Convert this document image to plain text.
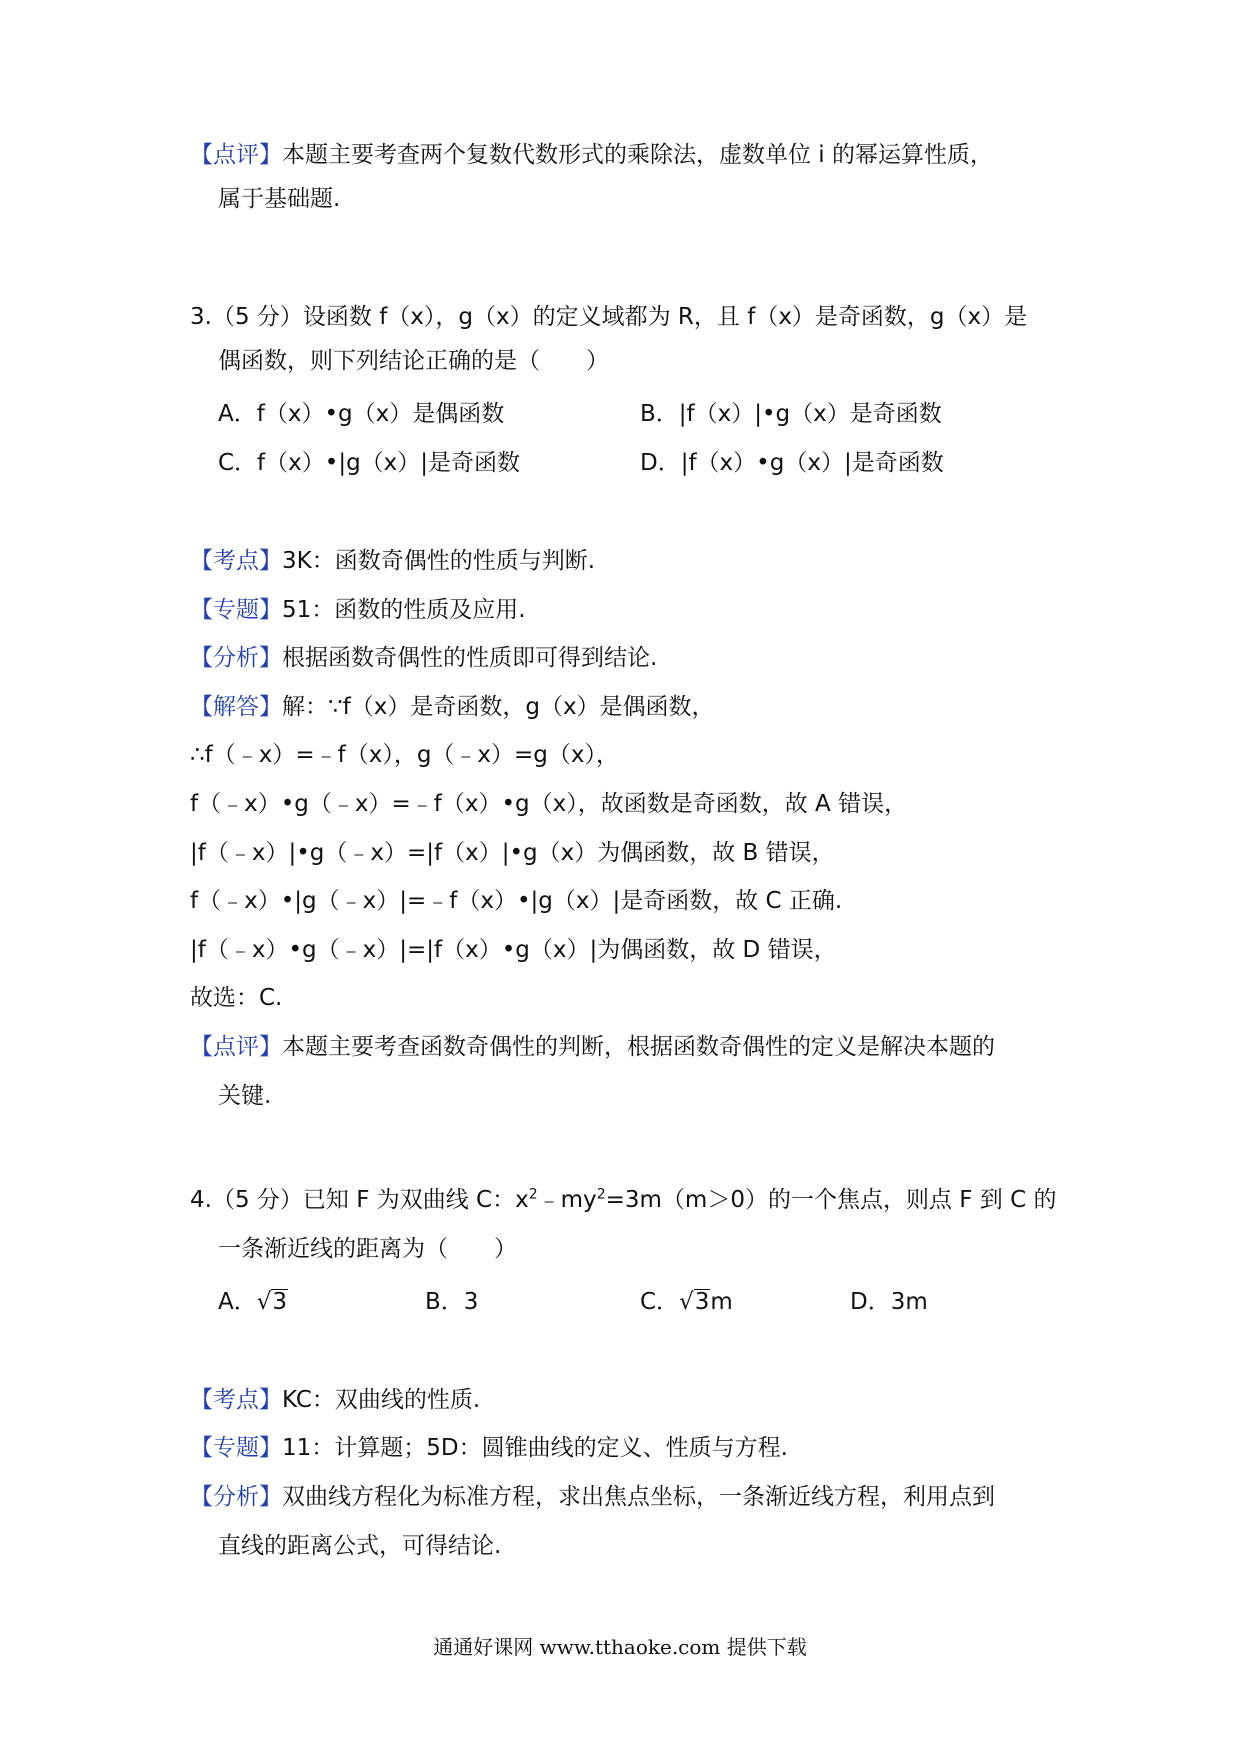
【点评】本题主要考查两个复数代数形式的乘除法，虚数单位 i 的幂运算性质，
属于基础题.
3.（5 分）设函数 f（x），g（x）的定义域都为 R，且 f（x）是奇函数，g（x）是
偶函数，则下列结论正确的是（　　）
A．f（x）•g（x）是偶函数	B．|f（x）|•g（x）是奇函数
C．f（x）•|g（x）|是奇函数	D．|f（x）•g（x）|是奇函数
【考点】3K：函数奇偶性的性质与判断.
【专题】51：函数的性质及应用.
【分析】根据函数奇偶性的性质即可得到结论.
【解答】解：∵f（x）是奇函数，g（x）是偶函数，
∴f（﹣x）=﹣f（x），g（﹣x）=g（x），
f（﹣x）•g（﹣x）=﹣f（x）•g（x），故函数是奇函数，故 A 错误，
|f（﹣x）|•g（﹣x）=|f（x）|•g（x）为偶函数，故 B 错误，
f（﹣x）•|g（﹣x）|=﹣f（x）•|g（x）|是奇函数，故 C 正确.
|f（﹣x）•g（﹣x）|=|f（x）•g（x）|为偶函数，故 D 错误，
故选：C.
【点评】本题主要考查函数奇偶性的判断，根据函数奇偶性的定义是解决本题的
关键.
4.（5 分）已知 F 为双曲线 C：$x^2﹣my^2=3m(m>0)$的一个焦点，则点 F 到 C 的
一条渐近线的距离为（　　）
A．√3	B．3	C．√3m	D．3m
【考点】KC：双曲线的性质.
【专题】11：计算题；5D：圆锥曲线的定义、性质与方程.
【分析】双曲线方程化为标准方程，求出焦点坐标，一条渐近线方程，利用点到
直线的距离公式，可得结论.
通通好课网 www.tthaoke.com 提供下载
